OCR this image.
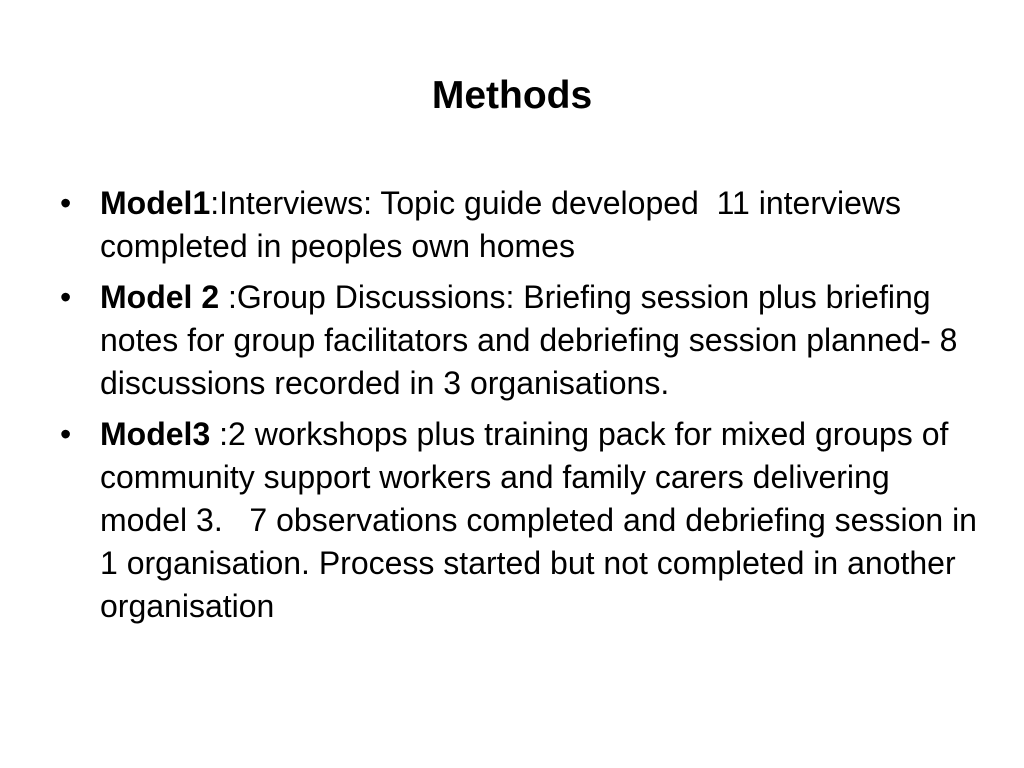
Methods
• Model1:Interviews: Topic guide developed  11 interviews completed in peoples own homes
• Model 2 :Group Discussions: Briefing session plus briefing notes for group facilitators and debriefing session planned- 8 discussions recorded in 3 organisations.
• Model3 :2 workshops plus training pack for mixed groups of community support workers and family carers delivering model 3.   7 observations completed and debriefing session in 1 organisation. Process started but not completed in another organisation
